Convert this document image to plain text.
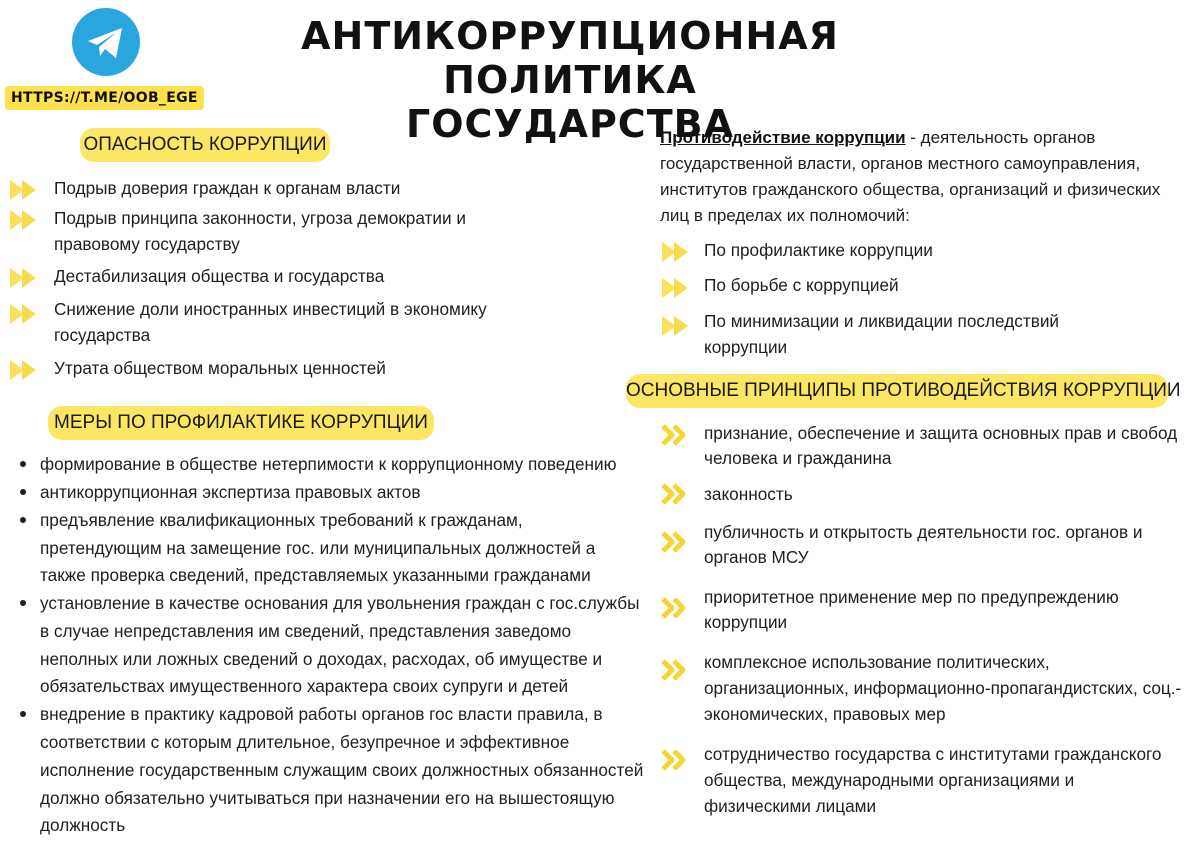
HTTPS://T.ME/OOB_EGE
АНТИКОРРУПЦИОННАЯ ПОЛИТИКА
ГОСУДАРСТВА
ОПАСНОСТЬ КОРРУПЦИИ
Подрыв доверия граждан к органам власти
Подрыв принципа законности, угроза демократии и
правовому государству
Дестабилизация общества и государства
Снижение доли иностранных инвестиций в экономику
государства
Утрата обществом моральных ценностей
МЕРЫ ПО ПРОФИЛАКТИКЕ КОРРУПЦИИ
формирование в обществе нетерпимости к коррупционному поведению
антикоррупционная экспертиза правовых актов
предъявление квалификационных требований к гражданам,
претендующим на замещение гос. или муниципальных должностей а
также проверка сведений, представляемых указанными гражданами
установление в качестве основания для увольнения граждан с гос.службы
в случае непредставления им сведений, представления заведомо
неполных или ложных сведений о доходах, расходах, об имуществе и
обязательствах имущественного характера своих супруги и детей
внедрение в практику кадровой работы органов гос власти правила, в
соответствии с которым длительное, безупречное и эффективное
исполнение государственным служащим своих должностных обязанностей
должно обязательно учитываться при назначении его на вышестоящую
должность
Противодействие коррупции - деятельность органов
государственной власти, органов местного самоуправления,
институтов гражданского общества, организаций и физических
лиц в пределах их полномочий:
По профилактике коррупции
По борьбе с коррупцией
По минимизации и ликвидации последствий
коррупции
ОСНОВНЫЕ ПРИНЦИПЫ ПРОТИВОДЕЙСТВИЯ КОРРУПЦИИ
признание, обеспечение и защита основных прав и свобод
человека и гражданина
законность
публичность и открытость деятельности гос. органов и
органов МСУ
приоритетное применение мер по предупреждению
коррупции
комплексное использование политических,
организационных, информационно-пропагандистских, соц.-
экономических, правовых мер
сотрудничество государства с институтами гражданского
общества, международными организациями и
физическими лицами
